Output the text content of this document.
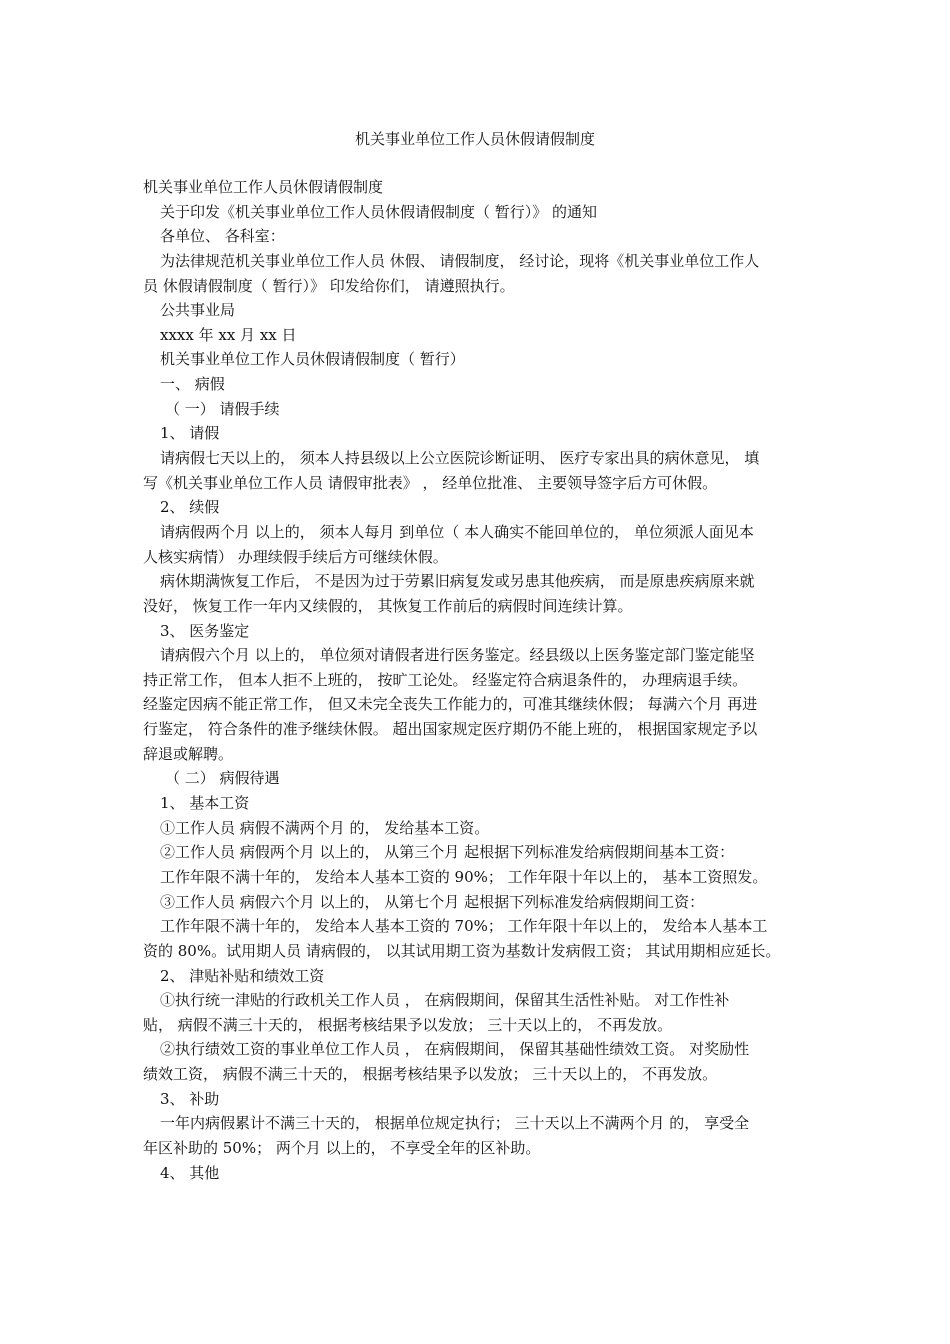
机关事业单位工作人员休假请假制度
机关事业单位工作人员休假请假制度
关于印发《机关事业单位工作人员休假请假制度（ 暂行）》 的通知
各单位、 各科室：
为法律规范机关事业单位工作人员 休假、 请假制度， 经讨论，现将《机关事业单位工作人
员 休假请假制度（ 暂行）》 印发给你们， 请遵照执行。
公共事业局
xxxx 年 xx 月 xx 日
机关事业单位工作人员休假请假制度（ 暂行）
一、 病假
（ 一） 请假手续
1、 请假
请病假七天以上的， 须本人持县级以上公立医院诊断证明、 医疗专家出具的病休意见， 填
写《机关事业单位工作人员 请假审批表》 ， 经单位批准、 主要领导签字后方可休假。
2、 续假
请病假两个月 以上的， 须本人每月 到单位（ 本人确实不能回单位的， 单位须派人面见本
人核实病情） 办理续假手续后方可继续休假。
病休期满恢复工作后， 不是因为过于劳累旧病复发或另患其他疾病， 而是原患疾病原来就
没好， 恢复工作一年内又续假的， 其恢复工作前后的病假时间连续计算。
3、 医务鉴定
请病假六个月 以上的， 单位须对请假者进行医务鉴定。经县级以上医务鉴定部门鉴定能坚
持正常工作， 但本人拒不上班的， 按旷工论处。 经鉴定符合病退条件的， 办理病退手续。
经鉴定因病不能正常工作， 但又未完全丧失工作能力的，可准其继续休假； 每满六个月 再进
行鉴定， 符合条件的准予继续休假。 超出国家规定医疗期仍不能上班的， 根据国家规定予以
辞退或解聘。
（ 二） 病假待遇
1、 基本工资
①工作人员 病假不满两个月 的， 发给基本工资。
②工作人员 病假两个月 以上的， 从第三个月 起根据下列标准发给病假期间基本工资：
工作年限不满十年的， 发给本人基本工资的 90%； 工作年限十年以上的， 基本工资照发。
③工作人员 病假六个月 以上的， 从第七个月 起根据下列标准发给病假期间工资：
工作年限不满十年的， 发给本人基本工资的 70%； 工作年限十年以上的， 发给本人基本工
资的 80%。试用期人员 请病假的， 以其试用期工资为基数计发病假工资； 其试用期相应延长。
2、 津贴补贴和绩效工资
①执行统一津贴的行政机关工作人员 ， 在病假期间，保留其生活性补贴。 对工作性补
贴， 病假不满三十天的， 根据考核结果予以发放； 三十天以上的， 不再发放。
②执行绩效工资的事业单位工作人员 ， 在病假期间， 保留其基础性绩效工资。 对奖励性
绩效工资， 病假不满三十天的， 根据考核结果予以发放； 三十天以上的， 不再发放。
3、 补助
一年内病假累计不满三十天的， 根据单位规定执行； 三十天以上不满两个月 的， 享受全
年区补助的 50%； 两个月 以上的， 不享受全年的区补助。
4、 其他
